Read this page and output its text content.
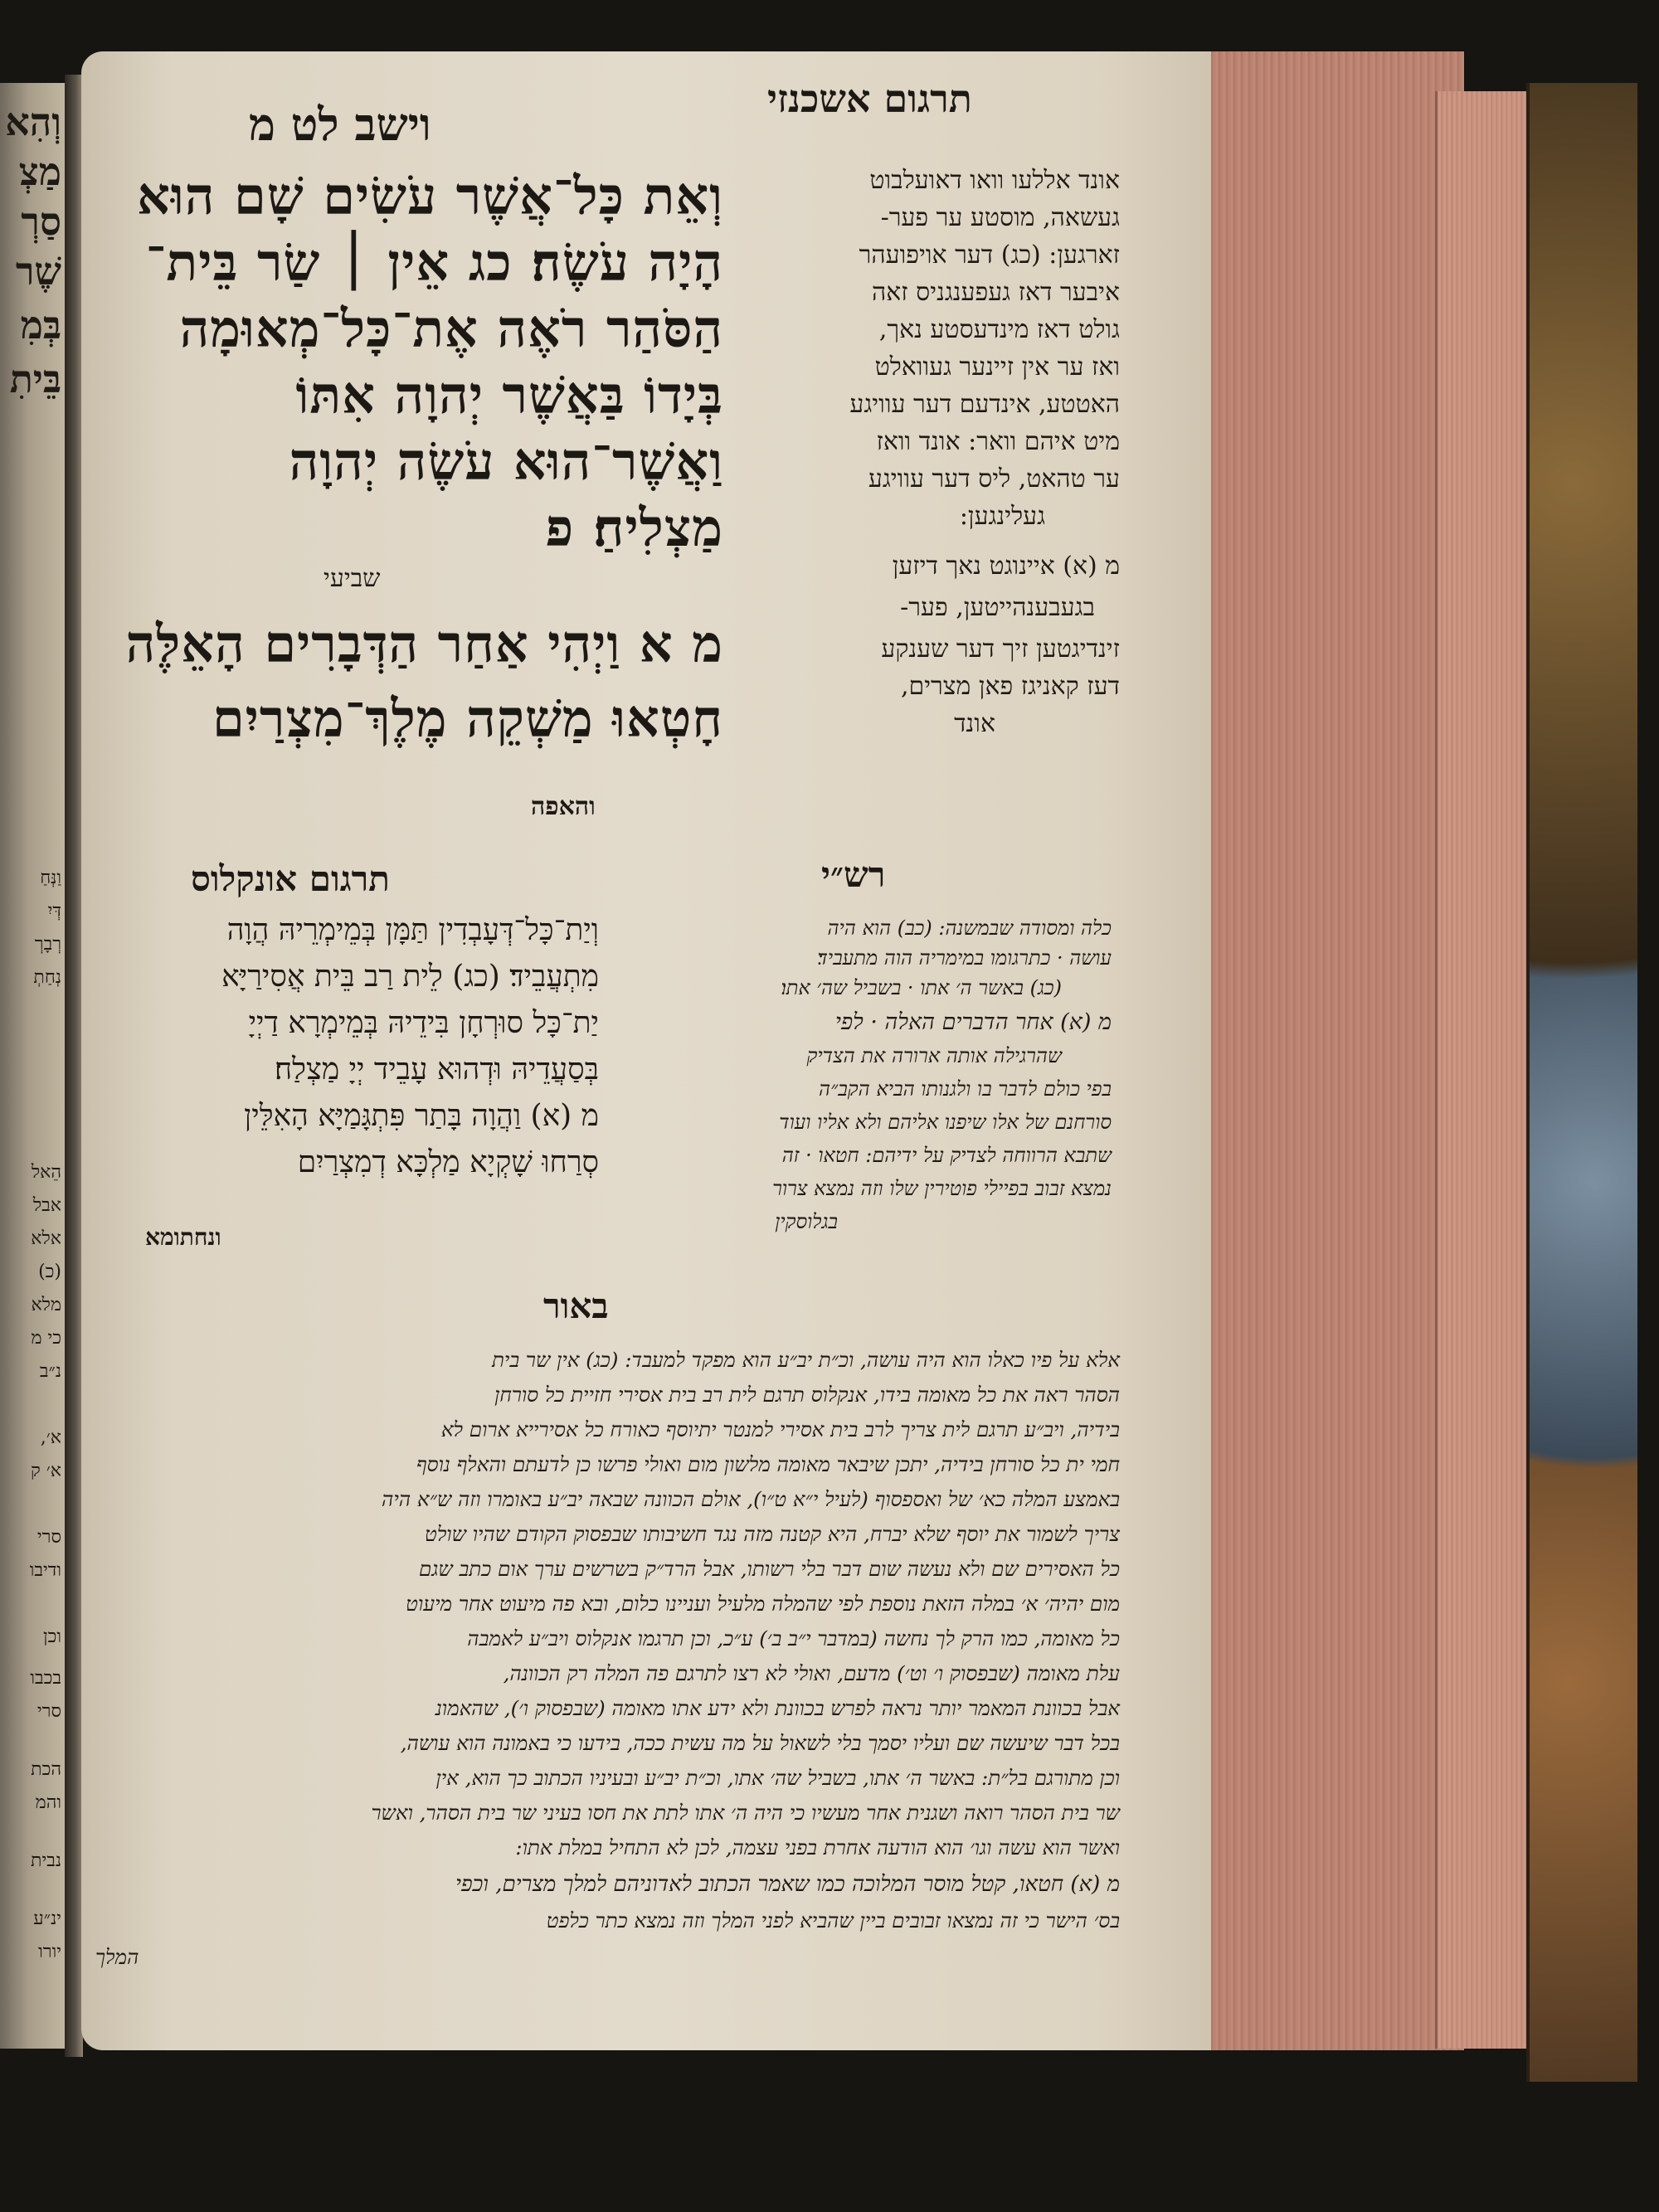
וְהִא
מַצְ
סַרְ
שֶׁר
בְּמִ
בֵּיתִ
וַנְּחַ
דְּיִ
רְבָרְ
נְחַתְ
הֵאל
אבל
אלא
(כ)
מלא
כי מ
נ״ב
א׳,
א׳ ק
סרי
ודיבו
וכן
בכבו
סרי
הכת
והמ
נבית
ינ״ע
יורו
וישב לט מ	תרגום אשכנזי
וְאֵת כָּל־אֲשֶׁר עֹשִׂים שָׁם הוּא
הָיָה עֹשֶׂה׃ כג אֵין ׀ שַׂר בֵּית־
הַסֹּהַר רֹאֶה אֶת־כָּל־מְאוּמָה
בְּיָדוֹ בַּאֲשֶׁר יְהוָה אִתּוֹ
וַאֲשֶׁר־הוּא עֹשֶׂה יְהוָה
מַצְלִיחַ׃ פ
שביעי
מ א וַיְהִי אַחַר הַדְּבָרִים הָאֵלֶּה
חָטְאוּ מַשְׁקֵה מֶלֶךְ־מִצְרַיִם
והאפה
אונד אללעו וואו דאועלבוט
געשאה, מוסטע ער פער-
זארגען: (כג) דער אויפועהר
איבער דאז געפענגניס זאה
גולט דאז מינדעסטע נאך,
ואז ער אין זיינער געוואלט
האטטע, אינדעם דער עוויגע
מיט איהם וואר: אונד וואז
ער טהאט, ליס דער עוויגע
געלינגען:
מ (א) איינוגט נאך דיזען
בגעבענהייטען, פער-
זינדיגטען זיך דער שענקע
דעז קאניגז פאן מצרים,
אונד
תרגום אונקלוס
וְיַת־כָּל־דְּעָבְדִין תַּמָּן בְּמֵימְרֵיהּ הֲוָה
מִתְעֲבֵיד׃ (כג) לֵית רַב בֵּית אֲסִירַיָּא
יַת־כָּל סוּרְחָן בִּידֵיהּ בְּמֵימְרָא דַיְיָ
בְּסַעֲדֵיהּ וּדְהוּא עָבֵיד יְיָ מַצְלַח׃
מ (א) וַהֲוָה בָּתַר פִּתְגָּמַיָּא הָאִלֵּין
סְרַחוּ שָׁקְיָא מַלְכָּא דְמִצְרַיִם
ונחתומא
רש״י
כלה ומסודה שבמשנה: (כב) הוא היה
עושה · כתרגומו במימריה הוה מתעביד׃
(כג) באשר ה׳ אתו · בשביל שה׳ אתו׃
מ (א) אחר הדברים האלה · לפי
שהרגילה אותה ארורה את הצדיק
בפי כולם לדבר בו ולגנותו הביא הקב״ה
סורחנם של אלו שיפנו אליהם ולא אליו ועוד
שתבא הרווחה לצדיק על ידיהם: חטאו · זה
נמצא זבוב בפיילי פוטירין שלו וזה נמצא צרור
בגלוסקין
באור
אלא על פיו כאלו הוא היה עושה, וכ״ת יב״ע הוא מפקד למעבד: (כג) אין שר בית
הסהר ראה את כל מאומה בידו, אנקלוס תרגם לית רב בית אסירי חזיית כל סורחן
בידיה, ויב״ע תרגם לית צריך לרב בית אסירי למנטר יתיוסף כאורח כל אסירייא ארום לא
חמי ית כל סורחן בידיה, יתכן שיבאר מאומה מלשון מום ואולי פרשו כן לדעתם והאלף נוסף
באמצע המלה כא׳ של ואספסוף (לעיל י״א ט״ו), אולם הכוונה שבאה יב״ע באומרו וזה ש״א היה
צריך לשמור את יוסף שלא יברח, היא קטנה מזה נגד חשיבותו שבפסוק הקודם שהיו שולט
כל האסירים שם ולא נעשה שום דבר בלי רשותו, אבל הרד״ק בשרשים ערך אום כתב שגם
מום יהיה׳ א׳ במלה הזאת נוספת לפי שהמלה מלעיל ועניינו כלום, ובא פה מיעוט אחר מיעוט
כל מאומה, כמו הרק לך נחשה (במדבר י״ב ב׳) ע״כ, וכן תרגמו אנקלוס ויב״ע לאמבה
עלת מאומה (שבפסוק ו׳ וט׳) מדעם, ואולי לא רצו לתרגם פה המלה רק הכוונה,
אבל בכוונת המאמר יותר נראה לפרש בכוונת ולא ידע אתו מאומה (שבפסוק ו׳), שהאמונ
בכל דבר שיעשה שם ועליו יסמך בלי לשאול על מה עשית ככה, בידעו כי באמונה הוא עושה,
וכן מתורגם בל״ת: באשר ה׳ אתו, בשביל שה׳ אתו, וכ״ת יב״ע ובעיניו הכתוב כך הוא, אין
שר בית הסהר רואה ושגנית אחר מעשיו כי היה ה׳ אתו לתת את חסו בעיני שר בית הסהר, ואשר
ואשר הוא עשה וגו׳ הוא הודעה אחרת בפני עצמה, לכן לא התחיל במלת אתו:
מ (א) חטאו, קטל מוסר המלוכה כמו שאמר הכתוב לאדוניהם למלך מצרים, וכפי
בס׳ הישר כי זה נמצאו זבובים ביין שהביא לפני המלך וזה נמצא כתר כלפט
המלך
